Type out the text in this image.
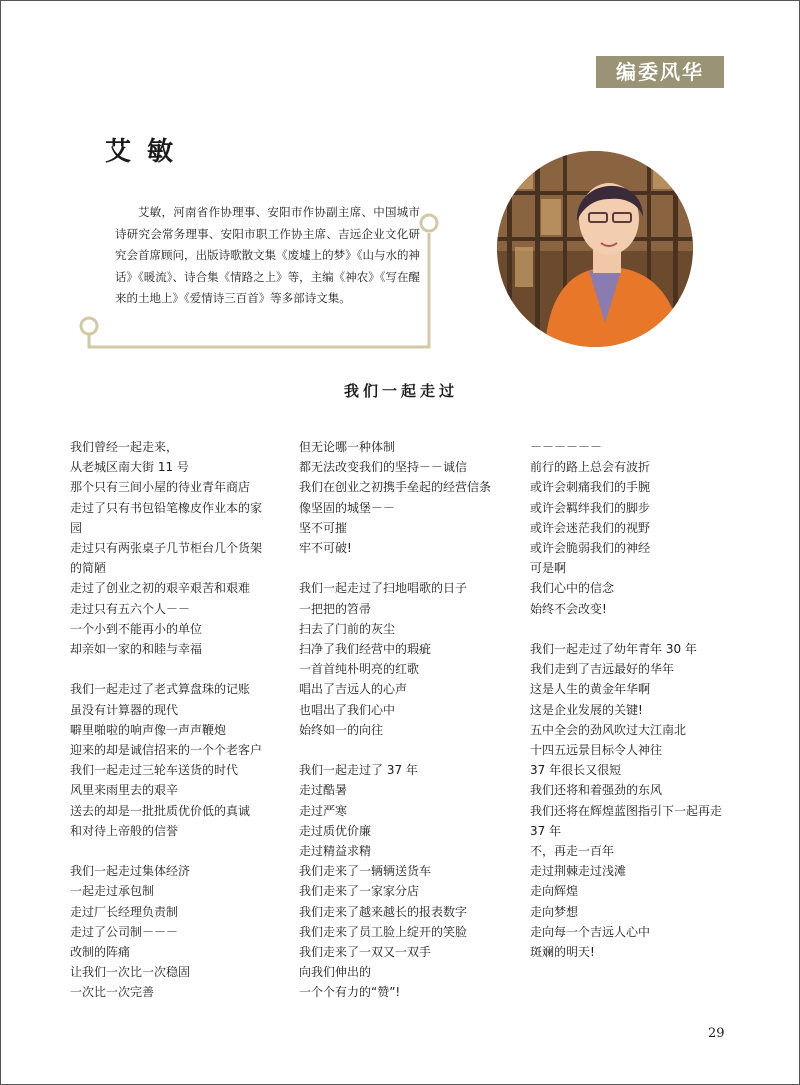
编委风华
艾敏
艾敏，河南省作协理事、安阳市作协副主席、中国城市诗研究会常务理事、安阳市职工作协主席、吉远企业文化研究会首席顾问，出版诗歌散文集《废墟上的梦》《山与水的神话》《暖流》、诗合集《情路之上》等，主编《神农》《写在醒来的土地上》《爱情诗三百首》等多部诗文集。
我们一起走过
我们曾经一起走来，
从老城区南大街 11 号
那个只有三间小屋的待业青年商店
走过了只有书包铅笔橡皮作业本的家
园
走过只有两张桌子几节柜台几个货架
的简陋
走过了创业之初的艰辛艰苦和艰难
走过只有五六个人－－
一个小到不能再小的单位
却亲如一家的和睦与幸福
我们一起走过了老式算盘珠的记账
虽没有计算器的现代
噼里啪啦的响声像一声声鞭炮
迎来的却是诚信招来的一个个老客户
我们一起走过三轮车送货的时代
风里来雨里去的艰辛
送去的却是一批批质优价低的真诚
和对待上帝般的信誉
我们一起走过集体经济
一起走过承包制
走过厂长经理负责制
走过了公司制－－－
改制的阵痛
让我们一次比一次稳固
一次比一次完善
但无论哪一种体制
都无法改变我们的坚持－－诚信
我们在创业之初携手垒起的经营信条
像坚固的城堡－－
坚不可摧
牢不可破!
我们一起走过了扫地唱歌的日子
一把把的笤帚
扫去了门前的灰尘
扫净了我们经营中的瑕疵
一首首纯朴明亮的红歌
唱出了吉远人的心声
也唱出了我们心中
始终如一的向往
我们一起走过了 37 年
走过酷暑
走过严寒
走过质优价廉
走过精益求精
我们走来了一辆辆送货车
我们走来了一家家分店
我们走来了越来越长的报表数字
我们走来了员工脸上绽开的笑脸
我们走来了一双又一双手
向我们伸出的
一个个有力的“赞”!
－－－－－－
前行的路上总会有波折
或许会刺痛我们的手腕
或许会羁绊我们的脚步
或许会迷茫我们的视野
或许会脆弱我们的神经
可是啊
我们心中的信念
始终不会改变!
我们一起走过了幼年青年 30 年
我们走到了吉远最好的华年
这是人生的黄金年华啊
这是企业发展的关键!
五中全会的劲风吹过大江南北
十四五远景目标令人神往
37 年很长又很短
我们还将和着强劲的东风
我们还将在辉煌蓝图指引下一起再走
37 年
不，再走一百年
走过荆棘走过浅滩
走向辉煌
走向梦想
走向每一个吉远人心中
斑斓的明天!
29
